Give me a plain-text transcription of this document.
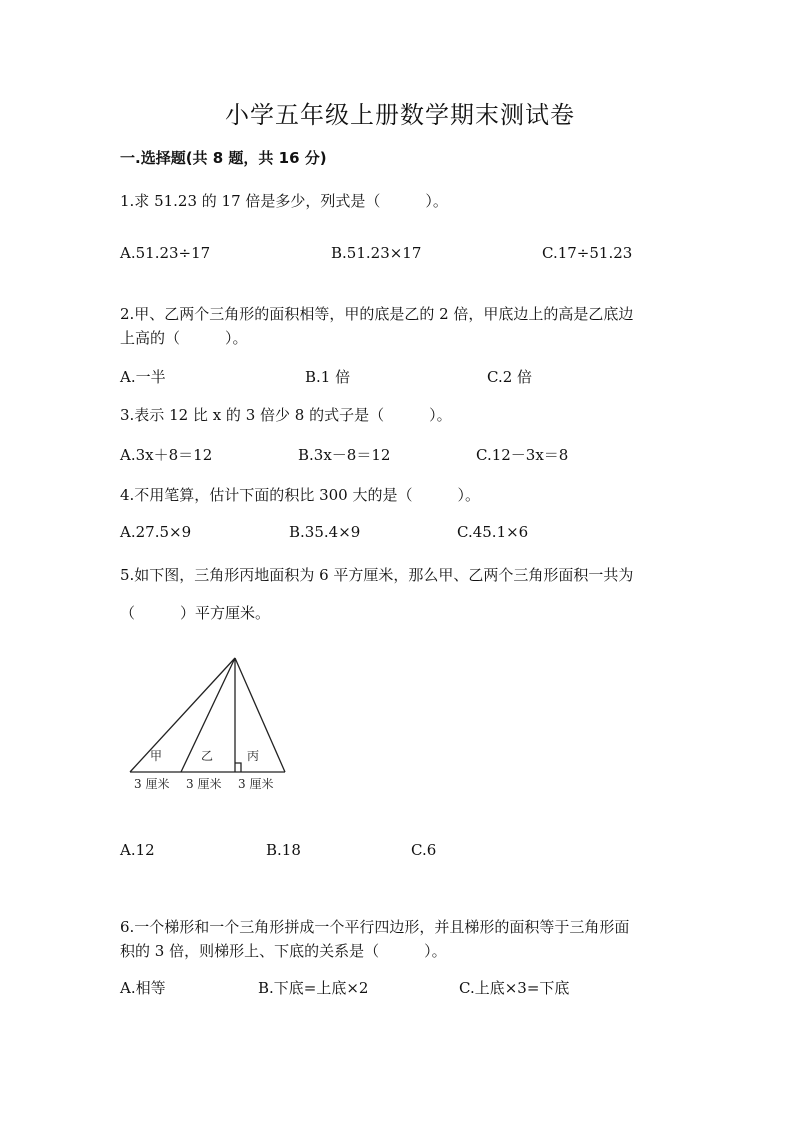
小学五年级上册数学期末测试卷
一.选择题(共 8 题，共 16 分)
1.求 51.23 的 17 倍是多少，列式是（　　　）。
A.51.23÷17	B.51.23×17	C.17÷51.23
2.甲、乙两个三角形的面积相等，甲的底是乙的 2 倍，甲底边上的高是乙底边
上高的（　　　）。
A.一半	B.1 倍	C.2 倍
3.表示 12 比 x 的 3 倍少 8 的式子是（　　　）。
A.3x＋8＝12	B.3x－8＝12	C.12－3x＝8
4.不用笔算，估计下面的积比 300 大的是（　　　）。
A.27.5×9	B.35.4×9	C.45.1×6
5.如下图，三角形丙地面积为 6 平方厘米，那么甲、乙两个三角形面积一共为
（　　　）平方厘米。
甲	乙	丙
3 厘米 3 厘米 3 厘米
A.12	B.18	C.6
6.一个梯形和一个三角形拼成一个平行四边形，并且梯形的面积等于三角形面
积的 3 倍，则梯形上、下底的关系是（　　　）。
A.相等	B.下底=上底×2	C.上底×3=下底
